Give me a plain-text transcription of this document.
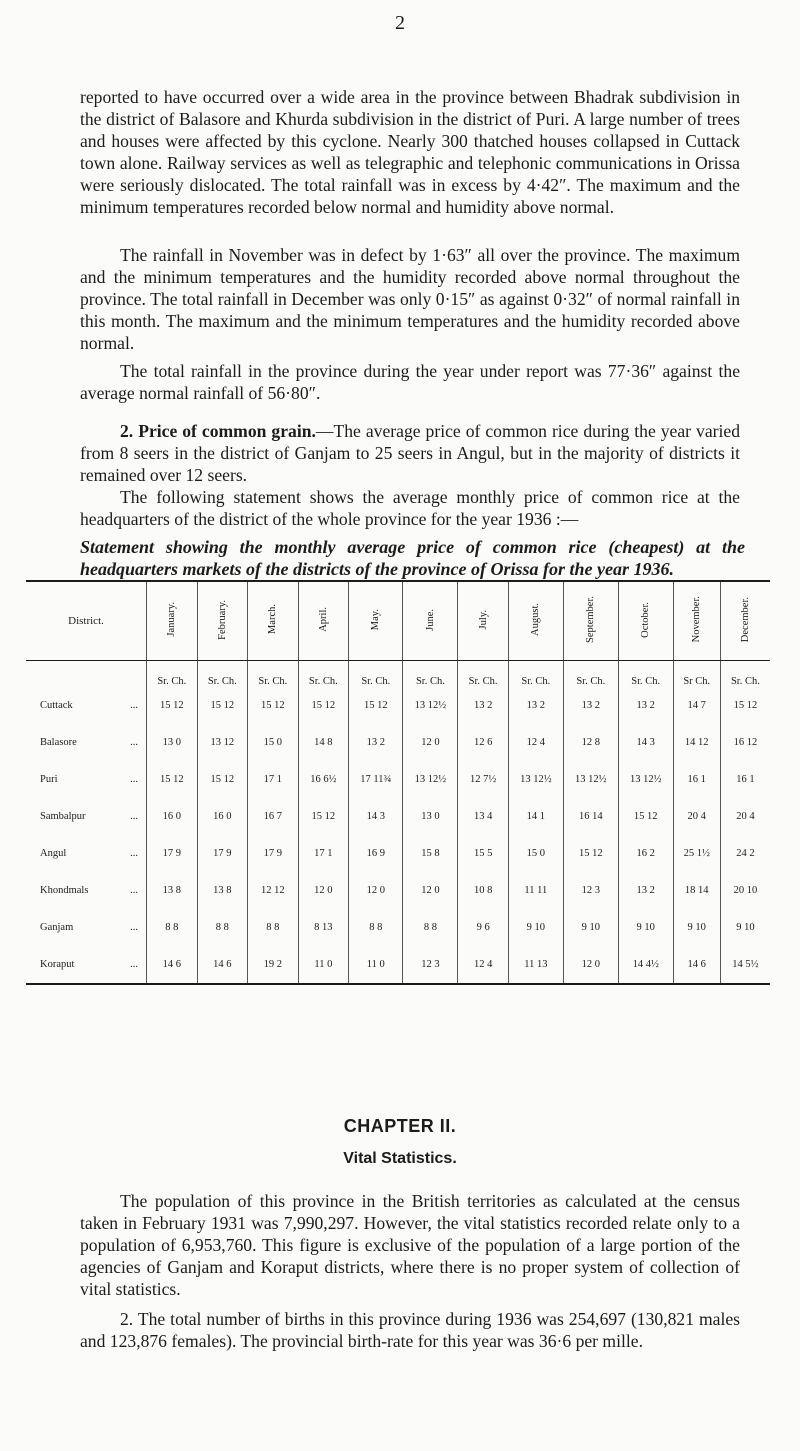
2

reported to have occurred over a wide area in the province between Bhadrak subdivision in the district of Balasore and Khurda subdivision in the district of Puri. A large number of trees and houses were affected by this cyclone. Nearly 300 thatched houses collapsed in Cuttack town alone. Railway services as well as telegraphic and telephonic communications in Orissa were seriously dislocated. The total rainfall was in excess by 4·42″. The maximum and the minimum temperatures recorded below normal and humidity above normal.

The rainfall in November was in defect by 1·63″ all over the province. The maximum and the minimum temperatures and the humidity recorded above normal throughout the province. The total rainfall in December was only 0·15″ as against 0·32″ of normal rainfall in this month. The maximum and the minimum temperatures and the humidity recorded above normal.

The total rainfall in the province during the year under report was 77·36″ against the average normal rainfall of 56·80″.

2. Price of common grain.—The average price of common rice during the year varied from 8 seers in the district of Ganjam to 25 seers in Angul, but in the majority of districts it remained over 12 seers.

The following statement shows the average monthly price of common rice at the headquarters of the district of the whole province for the year 1936 :—

Statement showing the monthly average price of common rice (cheapest) at the headquarters markets of the districts of the province of Orissa for the year 1936.

District.	January.	February.	March.	April.	May.	June.	July.	August.	September.	October.	November.	December.
	Sr. Ch.	Sr. Ch.	Sr. Ch.	Sr. Ch.	Sr. Ch.	Sr. Ch.	Sr. Ch.	Sr. Ch.	Sr. Ch.	Sr. Ch.	Sr Ch.	Sr. Ch.
Cuttack ...	15 12	15 12	15 12	15 12	15 12	13 12½	13 2	13 2	13 2	13 2	14 7	15 12
Balasore ...	13 0	13 12	15 0	14 8	13 2	12 0	12 6	12 4	12 8	14 3	14 12	16 12
Puri ...	15 12	15 12	17 1	16 6½	17 11¾	13 12½	12 7½	13 12½	13 12½	13 12½	16 1	16 1
Sambalpur ...	16 0	16 0	16 7	15 12	14 3	13 0	13 4	14 1	16 14	15 12	20 4	20 4
Angul ...	17 9	17 9	17 9	17 1	16 9	15 8	15 5	15 0	15 12	16 2	25 1½	24 2
Khondmals ...	13 8	13 8	12 12	12 0	12 0	12 0	10 8	11 11	12 3	13 2	18 14	20 10
Ganjam ...	8 8	8 8	8 8	8 13	8 8	8 8	9 6	9 10	9 10	9 10	9 10	9 10
Koraput ...	14 6	14 6	19 2	11 0	11 0	12 3	12 4	11 13	12 0	14 4½	14 6	14 5½
CHAPTER II.
Vital Statistics.

The population of this province in the British territories as calculated at the census taken in February 1931 was 7,990,297. However, the vital statistics recorded relate only to a population of 6,953,760. This figure is exclusive of the population of a large portion of the agencies of Ganjam and Koraput districts, where there is no proper system of collection of vital statistics.

2. The total number of births in this province during 1936 was 254,697 (130,821 males and 123,876 females). The provincial birth-rate for this year was 36·6 per mille.
